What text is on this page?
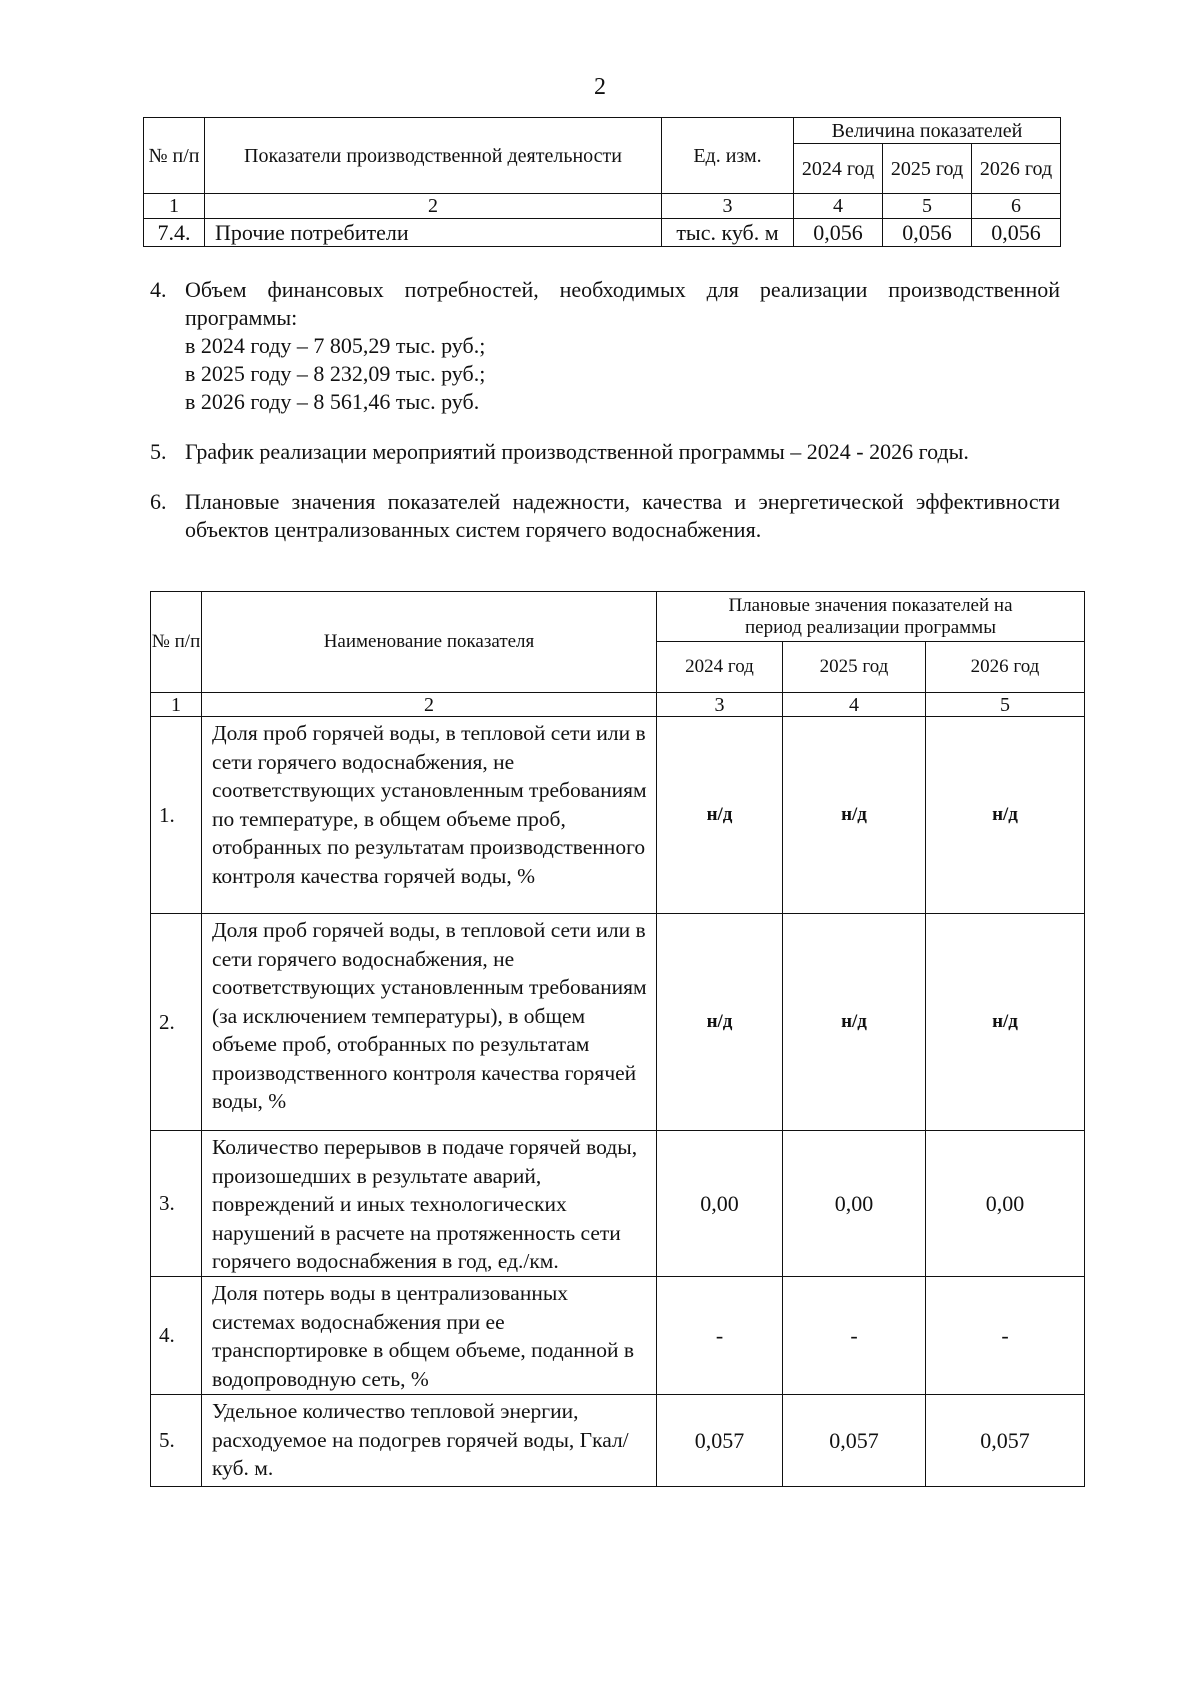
2
№ п/п	Показатели производственной деятельности	Ед. изм.	Величина показателей		
			2024 год	2025 год	2026 год
1	2	3	4	5	6
7.4.	Прочие потребители	тыс. куб. м	0,056	0,056	0,056
4. Объем финансовых потребностей, необходимых для реализации производственной программы:
в 2024 году – 7 805,29 тыс. руб.;
в 2025 году – 8 232,09 тыс. руб.;
в 2026 году – 8 561,46 тыс. руб.
5. График реализации мероприятий производственной программы – 2024 - 2026 годы.
6. Плановые значения показателей надежности, качества и энергетической эффективности объектов централизованных систем горячего водоснабжения.
№ п/п	Наименование показателя	Плановые значения показателей на период реализации программы		
		2024 год	2025 год	2026 год
1	2	3	4	5
1.	Доля проб горячей воды, в тепловой сети или в сети горячего водоснабжения, не соответствующих установленным требованиям по температуре, в общем объеме проб, отобранных по результатам производственного контроля качества горячей воды, %	н/д	н/д	н/д
2.	Доля проб горячей воды, в тепловой сети или в сети горячего водоснабжения, не соответствующих установленным требованиям (за исключением температуры), в общем объеме проб, отобранных по результатам производственного контроля качества горячей воды, %	н/д	н/д	н/д
3.	Количество перерывов в подаче горячей воды, произошедших в результате аварий, повреждений и иных технологических нарушений в расчете на протяженность сети горячего водоснабжения в год, ед./км.	0,00	0,00	0,00
4.	Доля потерь воды в централизованных системах водоснабжения при ее транспортировке в общем объеме, поданной в водопроводную сеть, %	-	-	-
5.	Удельное количество тепловой энергии, расходуемое на подогрев горячей воды, Гкал/куб. м.	0,057	0,057	0,057
